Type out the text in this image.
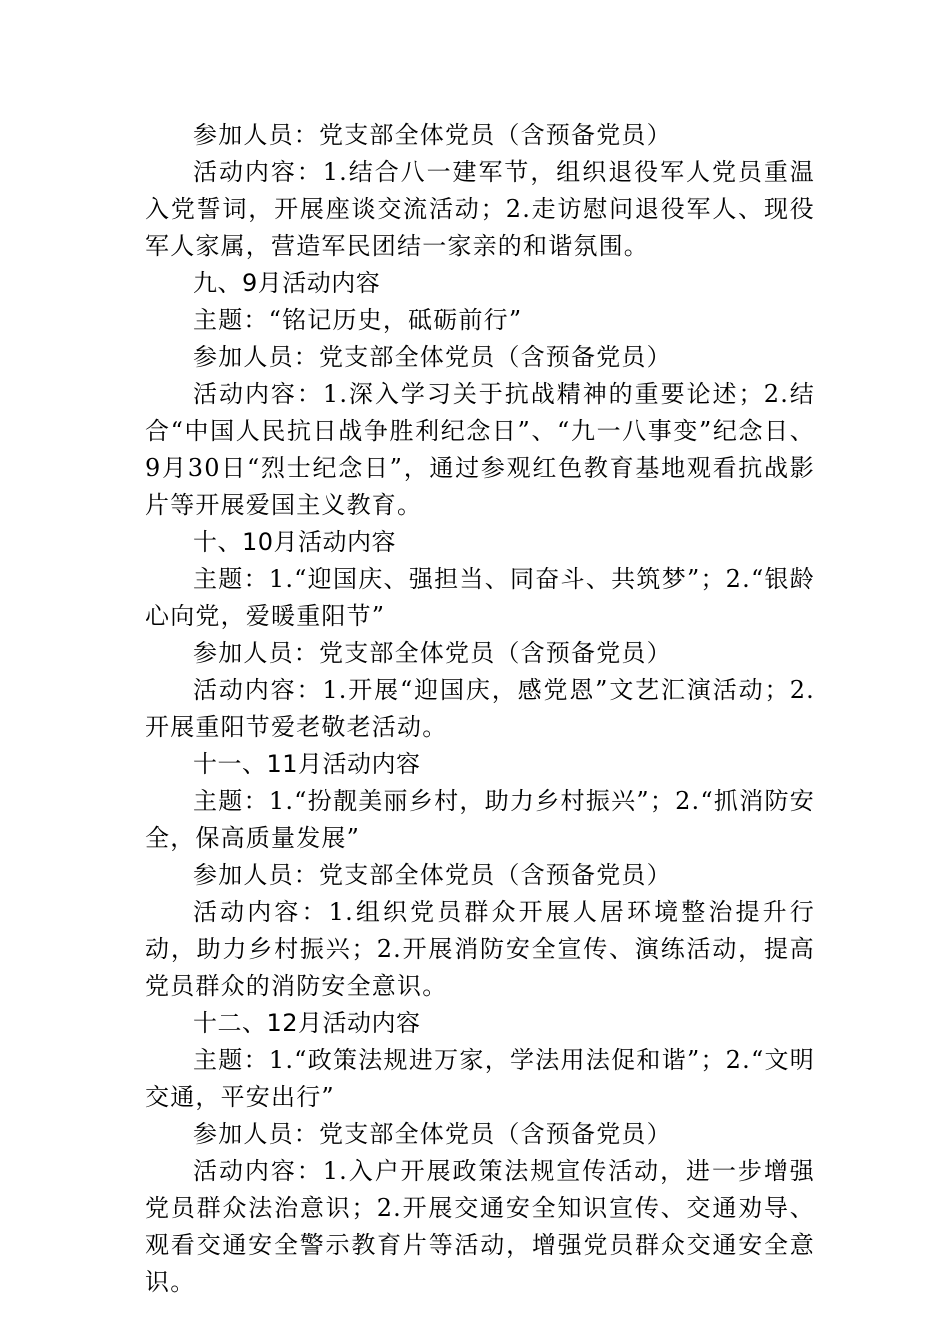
参加人员：党支部全体党员（含预备党员）

活动内容：1.结合八一建军节，组织退役军人党员重温入党誓词，开展座谈交流活动；2.走访慰问退役军人、现役军人家属，营造军民团结一家亲的和谐氛围。

九、9月活动内容

主题：“铭记历史，砥砺前行”

参加人员：党支部全体党员（含预备党员）

活动内容：1.深入学习关于抗战精神的重要论述；2.结合“中国人民抗日战争胜利纪念日”、“九一八事变”纪念日、9月30日“烈士纪念日”，通过参观红色教育基地观看抗战影片等开展爱国主义教育。

十、10月活动内容

主题：1.“迎国庆、强担当、同奋斗、共筑梦”；2.“银龄心向党，爱暖重阳节”

参加人员：党支部全体党员（含预备党员）

活动内容：1.开展“迎国庆，感党恩”文艺汇演活动；2.开展重阳节爱老敬老活动。

十一、11月活动内容

主题：1.“扮靓美丽乡村，助力乡村振兴”；2.“抓消防安全，保高质量发展”

参加人员：党支部全体党员（含预备党员）

活动内容：1.组织党员群众开展人居环境整治提升行动，助力乡村振兴；2.开展消防安全宣传、演练活动，提高党员群众的消防安全意识。

十二、12月活动内容

主题：1.“政策法规进万家，学法用法促和谐”；2.“文明交通，平安出行”

参加人员：党支部全体党员（含预备党员）

活动内容：1.入户开展政策法规宣传活动，进一步增强党员群众法治意识；2.开展交通安全知识宣传、交通劝导、观看交通安全警示教育片等活动，增强党员群众交通安全意识。
